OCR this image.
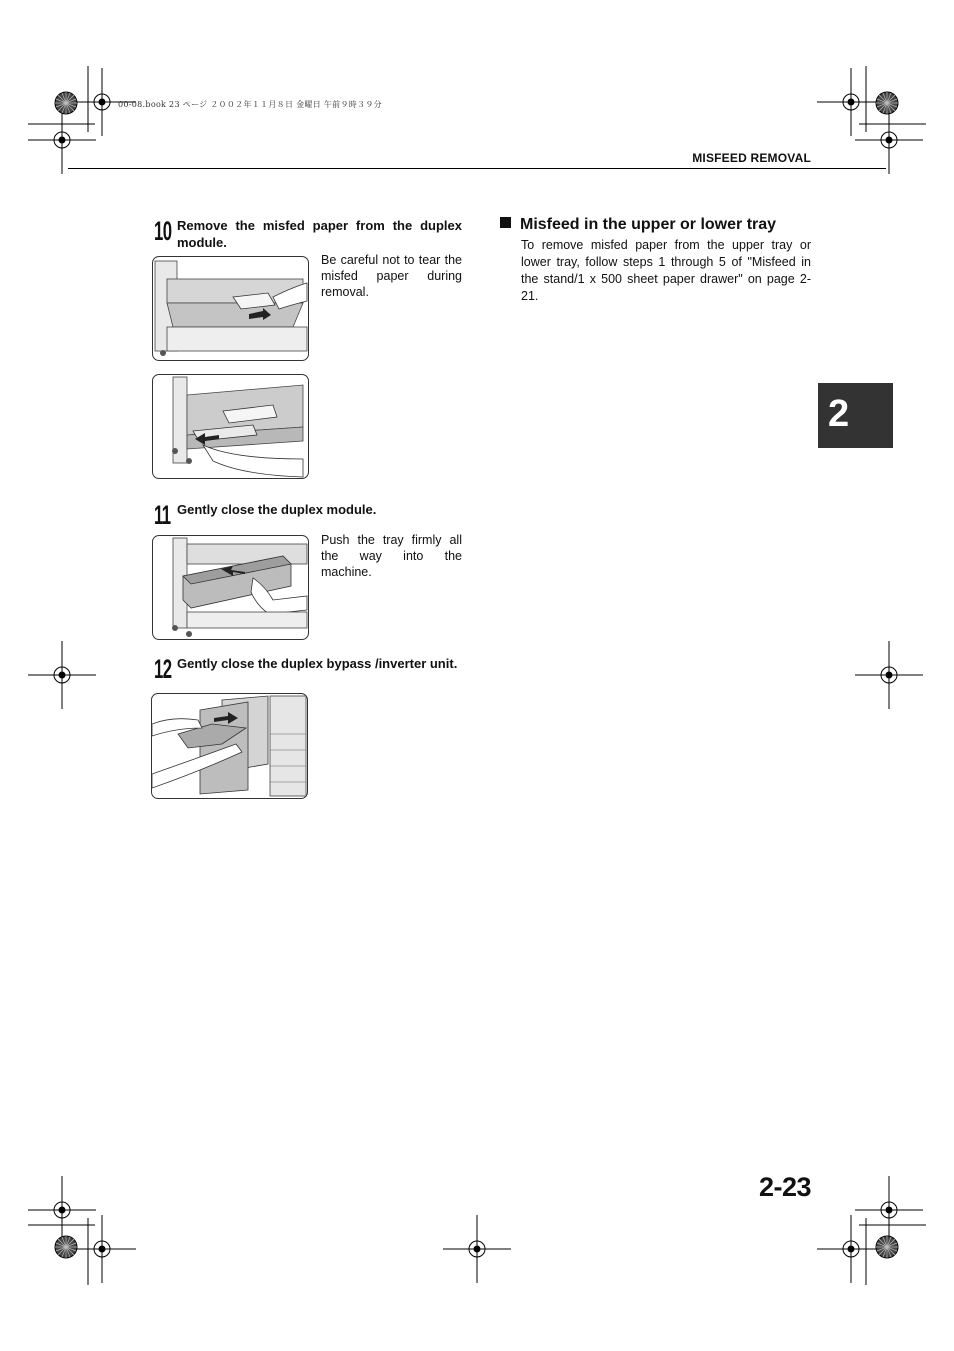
00-08.book 23 ページ ２００２年１１月８日 金曜日 午前９時３９分
MISFEED REMOVAL
10 Remove the misfed paper from the duplex module.
Be careful not to tear the misfed paper during removal.
11 Gently close the duplex module.
Push the tray firmly all the way into the machine.
12 Gently close the duplex bypass /inverter unit.
Misfeed in the upper or lower tray
To remove misfed paper from the upper tray or lower tray, follow steps 1 through 5 of "Misfeed in the stand/1 x 500 sheet paper drawer" on page 2-21.
2
2-23
